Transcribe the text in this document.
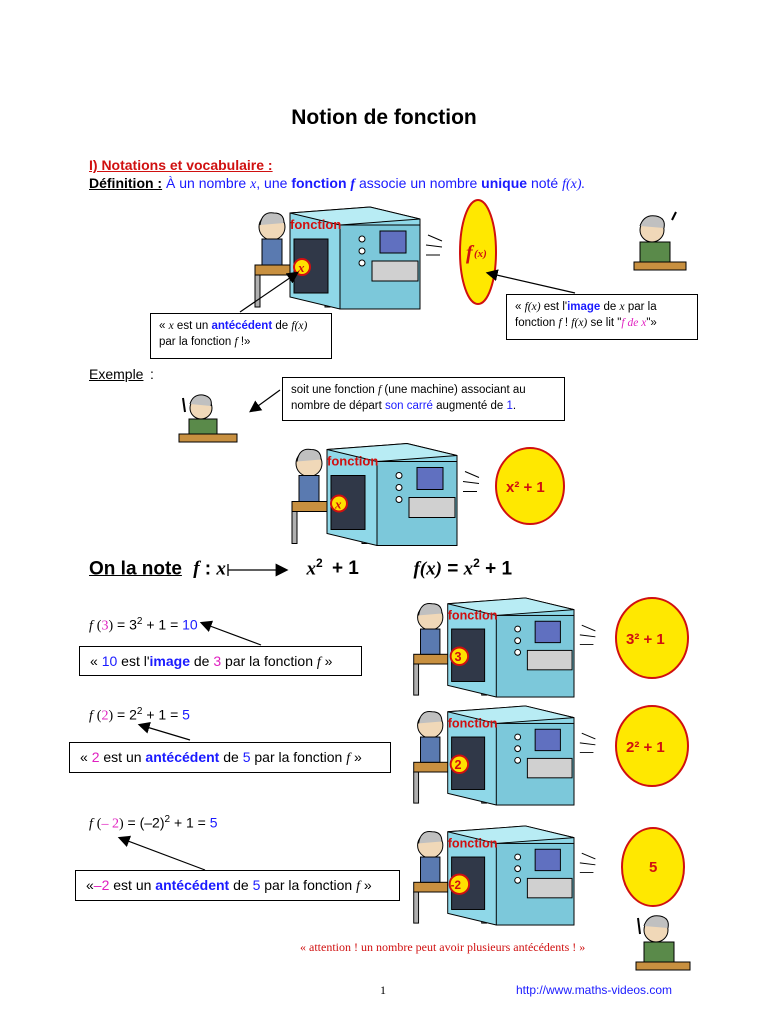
Notion de fonction
I) Notations et vocabulaire :
Définition : À un nombre x, une fonction f associe un nombre unique noté f(x).
x
fonction
f (x)
« x est un antécédent de f(x)
par la fonction f !»
« f(x) est l'image de x par la
fonction f ! f(x) se lit "f de x"»
Exemple :
soit une fonction f (une machine) associant au
nombre de départ son carré augmenté de 1.
x
fonction
x² + 1
On la note f : x	$x^2 + 1$	$f(x) = x^2 + 1$
f $(3) = 3^2 + 1 = 10$
« 10 est l'image de 3 par la fonction f »
f $(2) = 2^2 + 1 = 5$
« 2 est un antécédent de 5 par la fonction f »
f (– $2) = (-2)^2 + 1 = 5$
«–2 est un antécédent de 5 par la fonction f »
3
fonction
3² + 1
2
fonction
2² + 1
-2
fonction
5
« attention ! un nombre peut avoir plusieurs antécédents ! »
1	http://www.maths-videos.com
